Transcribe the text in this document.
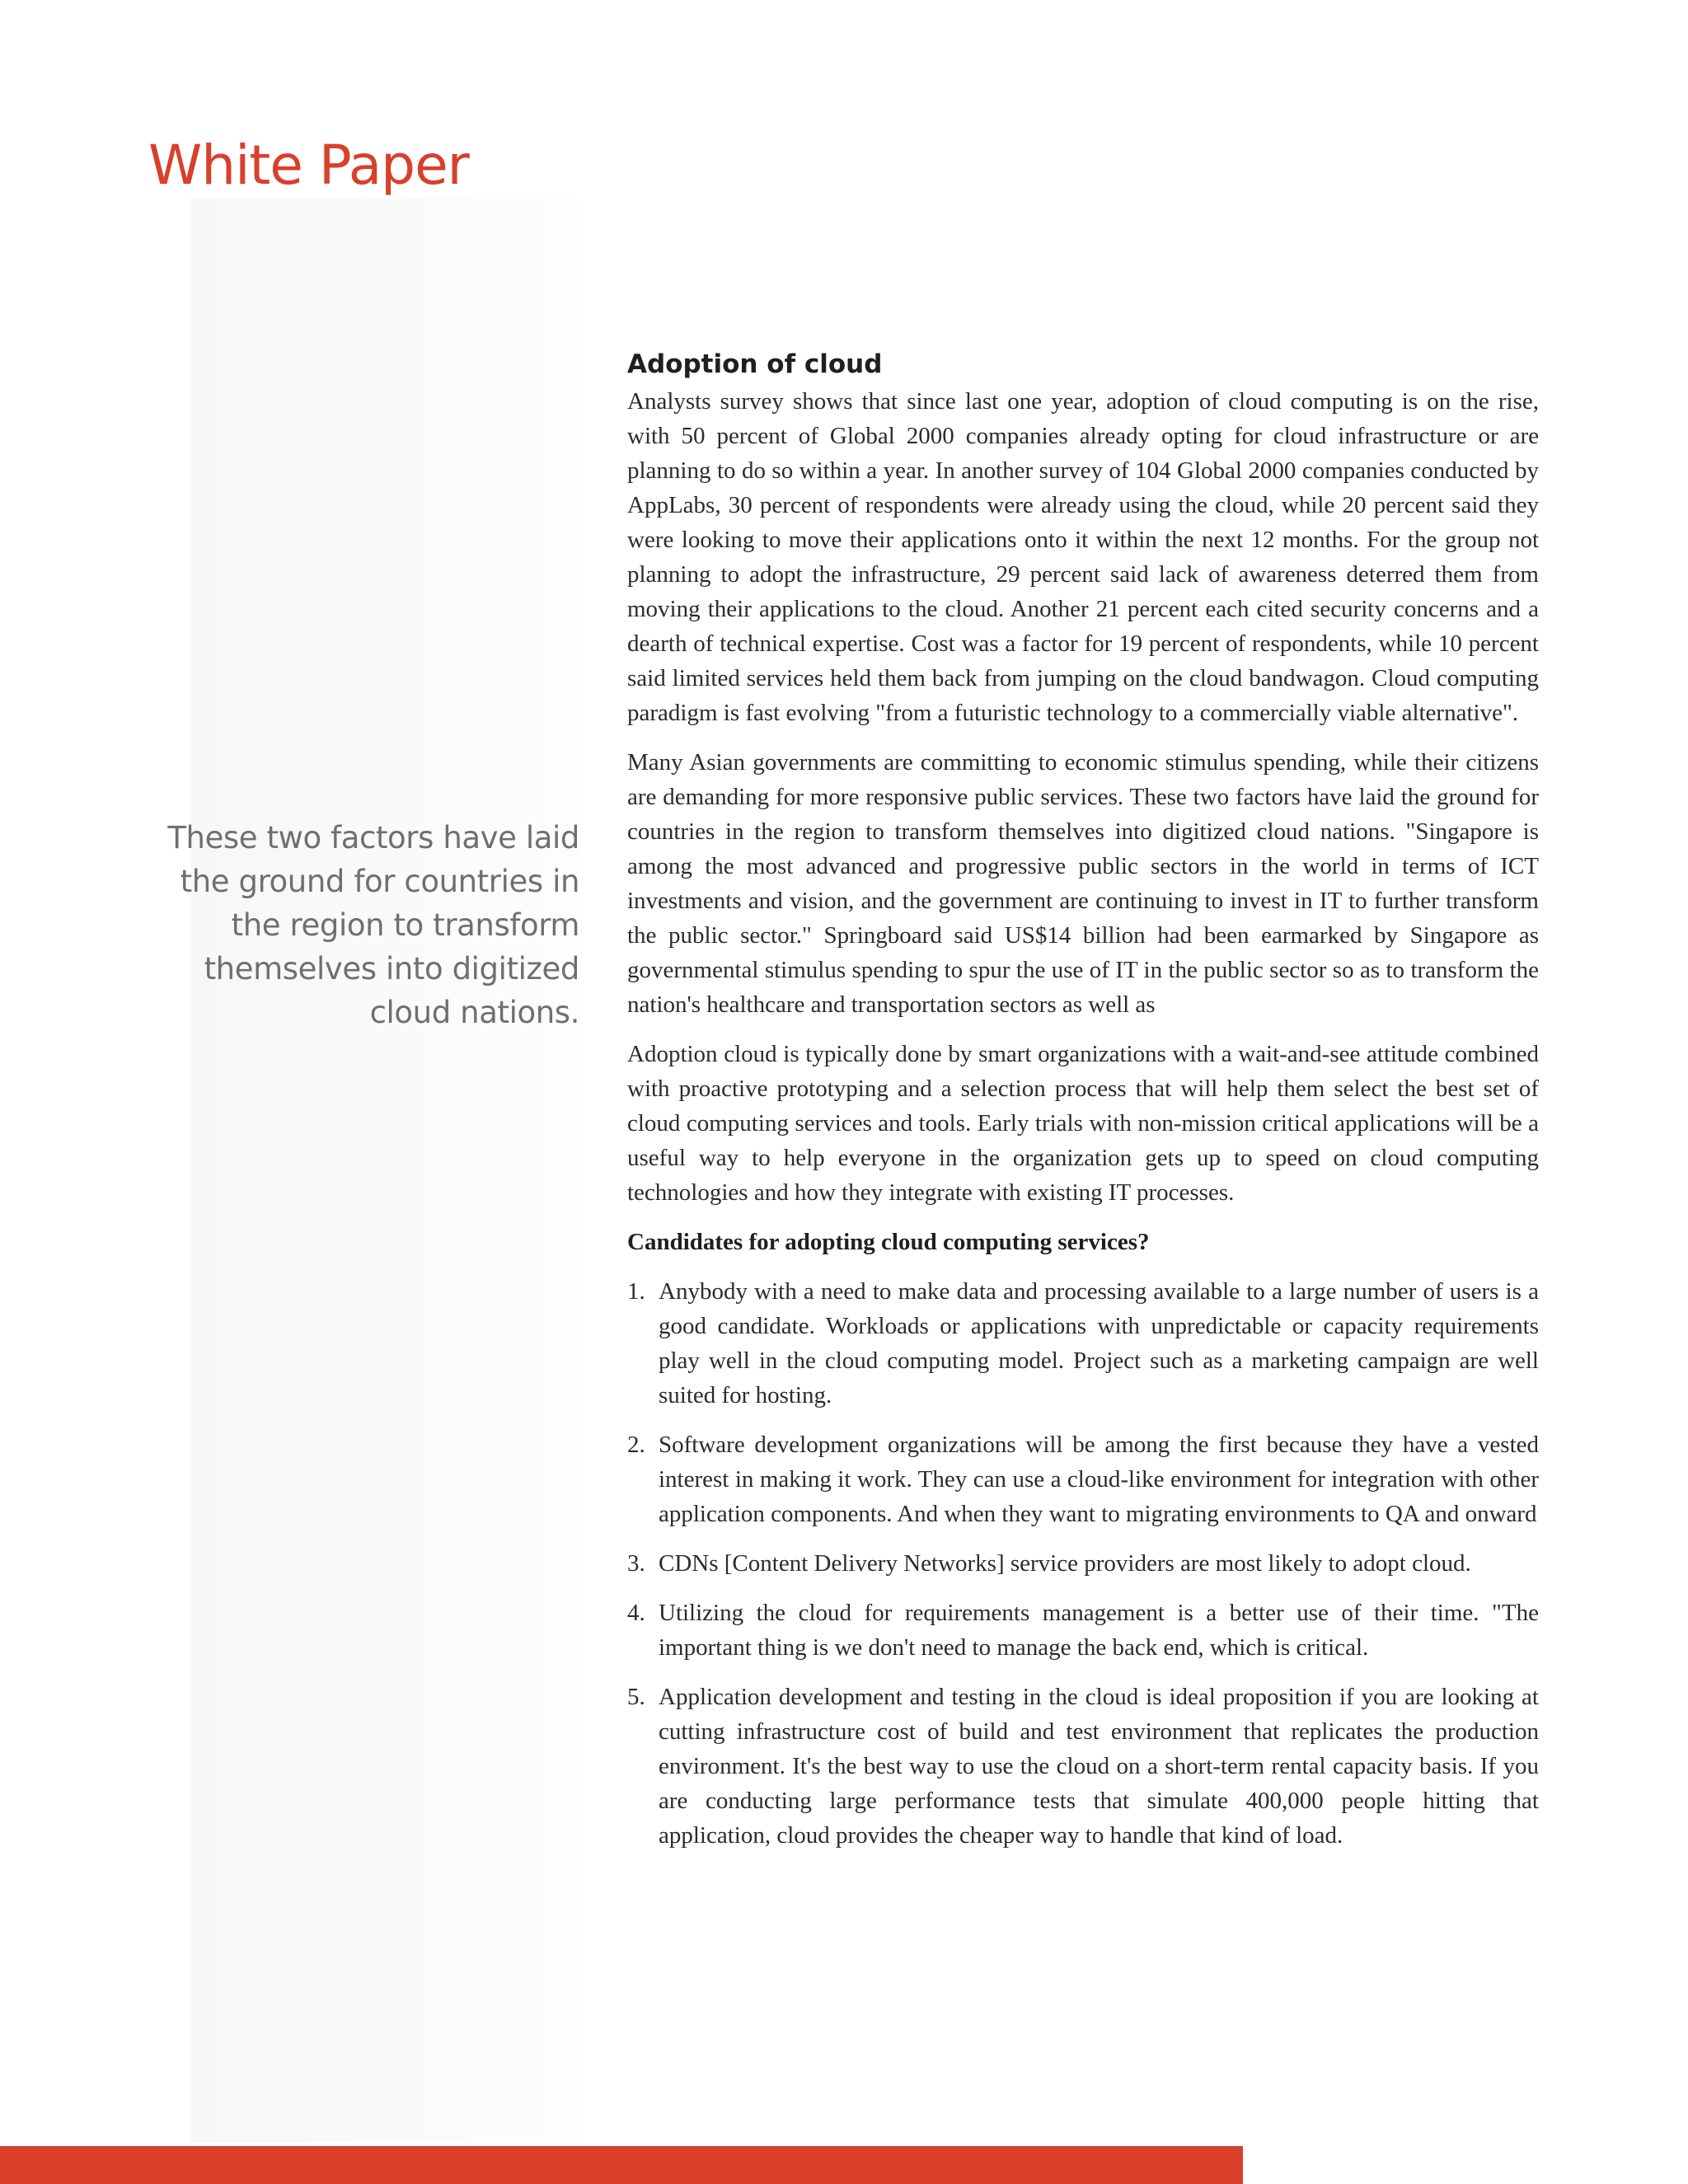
White Paper

These two factors have laid the ground for countries in the region to transform themselves into digitized cloud nations.

Adoption of cloud

Analysts survey shows that since last one year, adoption of cloud computing is on the rise, with 50 percent of Global 2000 companies already opting for cloud infrastructure or are planning to do so within a year. In another survey of 104 Global 2000 companies conducted by AppLabs, 30 percent of respondents were already using the cloud, while 20 percent said they were looking to move their applications onto it within the next 12 months. For the group not planning to adopt the infrastructure, 29 percent said lack of awareness deterred them from moving their applications to the cloud. Another 21 percent each cited security concerns and a dearth of technical expertise. Cost was a factor for 19 percent of respondents, while 10 percent said limited services held them back from jumping on the cloud bandwagon. Cloud computing paradigm is fast evolving "from a futuristic technology to a commercially viable alternative".

Many Asian governments are committing to economic stimulus spending, while their citizens are demanding for more responsive public services. These two factors have laid the ground for countries in the region to transform themselves into digitized cloud nations. "Singapore is among the most advanced and progressive public sectors in the world in terms of ICT investments and vision, and the government are continuing to invest in IT to further transform the public sector." Springboard said US$14 billion had been earmarked by Singapore as governmental stimulus spending to spur the use of IT in the public sector so as to transform the nation's healthcare and transportation sectors as well as

Adoption cloud is typically done by smart organizations with a wait-and-see attitude combined with proactive prototyping and a selection process that will help them select the best set of cloud computing services and tools. Early trials with non-mission critical applications will be a useful way to help everyone in the organization gets up to speed on cloud computing technologies and how they integrate with existing IT processes.

Candidates for adopting cloud computing services?

1. Anybody with a need to make data and processing available to a large number of users is a good candidate. Workloads or applications with unpredictable or capacity requirements play well in the cloud computing model. Project such as a marketing campaign are well suited for hosting.
2. Software development organizations will be among the first because they have a vested interest in making it work. They can use a cloud-like environment for integration with other application components. And when they want to migrating environments to QA and onward
3. CDNs [Content Delivery Networks] service providers are most likely to adopt cloud.
4. Utilizing the cloud for requirements management is a better use of their time. "The important thing is we don't need to manage the back end, which is critical.
5. Application development and testing in the cloud is ideal proposition if you are looking at cutting infrastructure cost of build and test environment that replicates the production environment. It's the best way to use the cloud on a short-term rental capacity basis. If you are conducting large performance tests that simulate 400,000 people hitting that application, cloud provides the cheaper way to handle that kind of load.
